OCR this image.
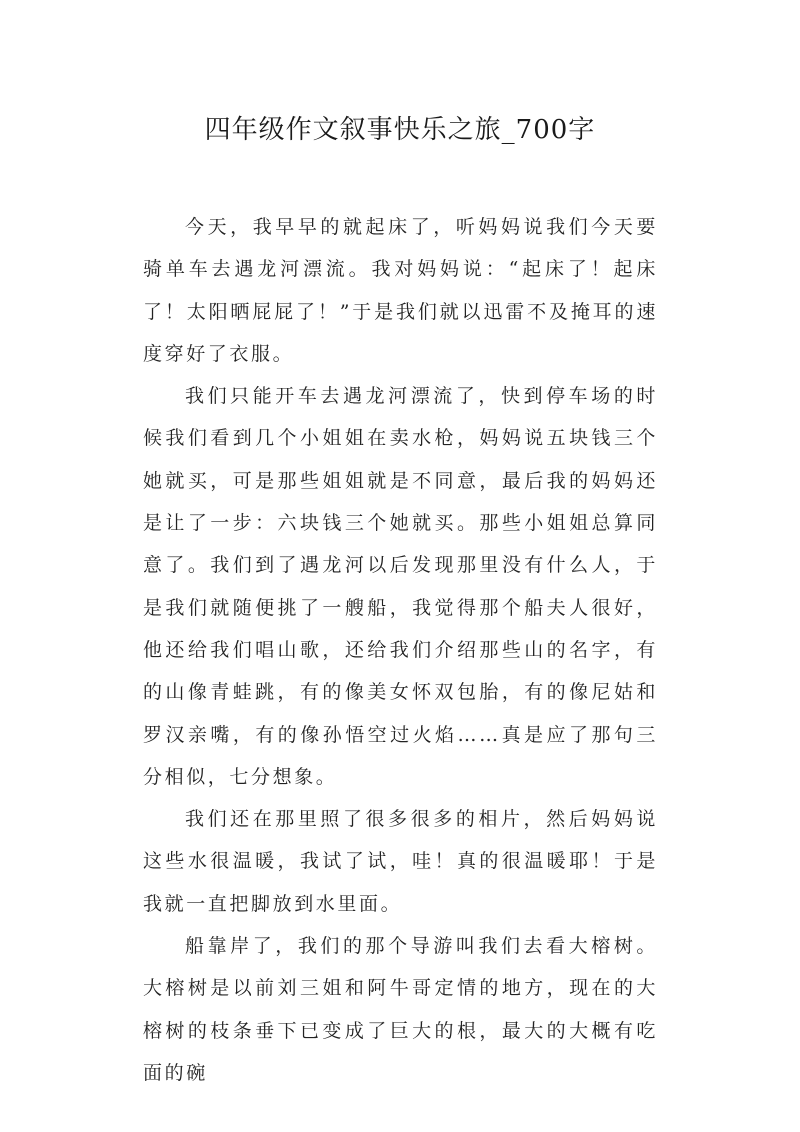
四年级作文叙事快乐之旅_700字

今天，我早早的就起床了，听妈妈说我们今天要骑单车去遇龙河漂流。我对妈妈说：“起床了！起床了！太阳晒屁屁了！”于是我们就以迅雷不及掩耳的速度穿好了衣服。

我们只能开车去遇龙河漂流了，快到停车场的时候我们看到几个小姐姐在卖水枪，妈妈说五块钱三个她就买，可是那些姐姐就是不同意，最后我的妈妈还是让了一步：六块钱三个她就买。那些小姐姐总算同意了。我们到了遇龙河以后发现那里没有什么人，于是我们就随便挑了一艘船，我觉得那个船夫人很好，他还给我们唱山歌，还给我们介绍那些山的名字，有的山像青蛙跳，有的像美女怀双包胎，有的像尼姑和罗汉亲嘴，有的像孙悟空过火焰……真是应了那句三分相似，七分想象。

我们还在那里照了很多很多的相片，然后妈妈说这些水很温暖，我试了试，哇！真的很温暖耶！于是我就一直把脚放到水里面。

船靠岸了，我们的那个导游叫我们去看大榕树。大榕树是以前刘三姐和阿牛哥定情的地方，现在的大榕树的枝条垂下已变成了巨大的根，最大的大概有吃面的碗
